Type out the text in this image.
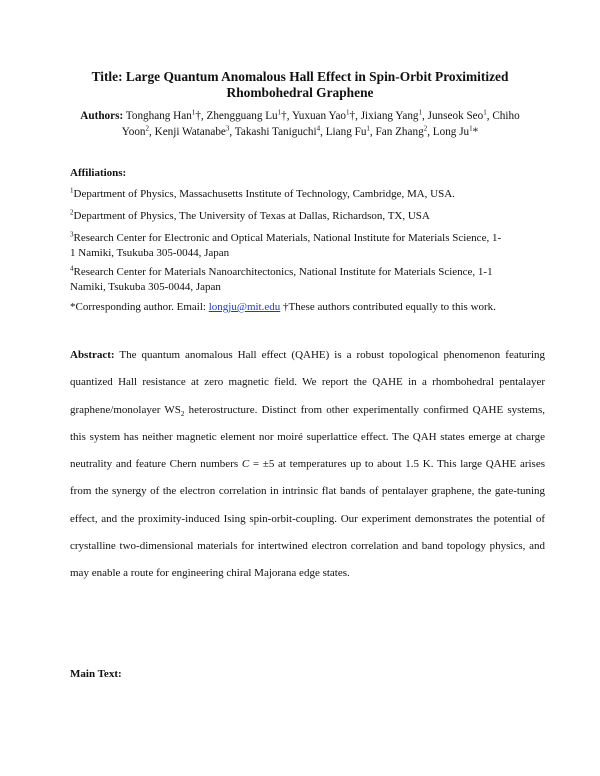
Title: Large Quantum Anomalous Hall Effect in Spin-Orbit Proximitized
Rhombohedral Graphene
Authors: Tonghang Han$^1$†, Zhengguang Lu$^1$†, Yuxuan Yao$^1$†, Jixiang Yang$^1$, Junseok Seo$^1$, Chiho Yoon$^2$, Kenji Watanabe$^3$, Takashi Taniguchi$^4$, Liang Fu$^1$, Fan Zhang$^2$, Long Ju$^1$*
Affiliations:
$^1$Department of Physics, Massachusetts Institute of Technology, Cambridge, MA, USA.
$^2$Department of Physics, The University of Texas at Dallas, Richardson, TX, USA
$^3$Research Center for Electronic and Optical Materials, National Institute for Materials Science, 1-
1 Namiki, Tsukuba 305-0044, Japan
$^4$Research Center for Materials Nanoarchitectonics, National Institute for Materials Science, 1-1
Namiki, Tsukuba 305-0044, Japan
*Corresponding author. Email: longju@mit.edu †These authors contributed equally to this work.
Abstract: The quantum anomalous Hall effect (QAHE) is a robust topological phenomenon featuring quantized Hall resistance at zero magnetic field. We report the QAHE in a rhombohedral pentalayer graphene/monolayer $WS_2$ heterostructure. Distinct from other experimentally confirmed QAHE systems, this system has neither magnetic element nor moiré superlattice effect. The QAH states emerge at charge neutrality and feature Chern numbers C = ±5 at temperatures up to about 1.5 K. This large QAHE arises from the synergy of the electron correlation in intrinsic flat bands of pentalayer graphene, the gate-tuning effect, and the proximity-induced Ising spin-orbit-coupling. Our experiment demonstrates the potential of crystalline two-dimensional materials for intertwined electron correlation and band topology physics, and may enable a route for engineering chiral Majorana edge states.
Main Text:
